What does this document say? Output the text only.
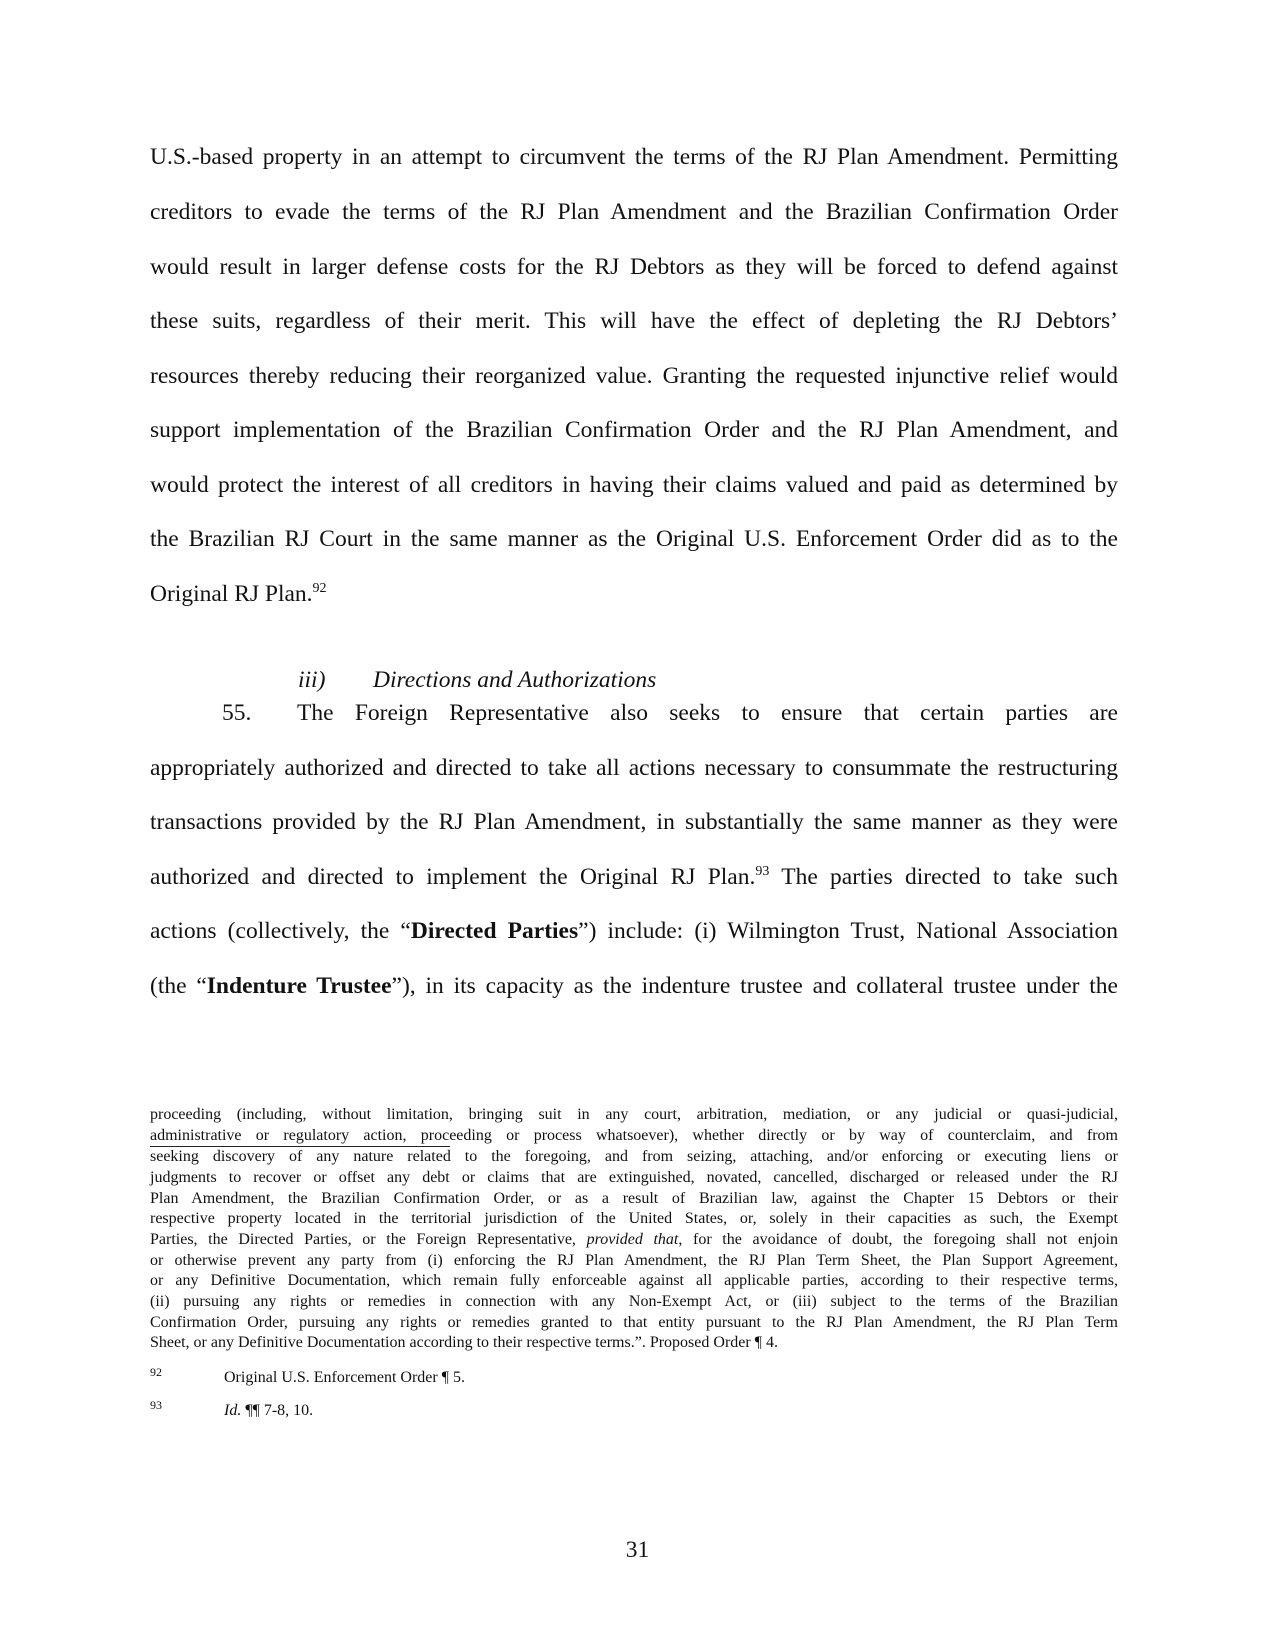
U.S.-based property in an attempt to circumvent the terms of the RJ Plan Amendment. Permitting
creditors to evade the terms of the RJ Plan Amendment and the Brazilian Confirmation Order
would result in larger defense costs for the RJ Debtors as they will be forced to defend against
these suits, regardless of their merit. This will have the effect of depleting the RJ Debtors’
resources thereby reducing their reorganized value. Granting the requested injunctive relief would
support implementation of the Brazilian Confirmation Order and the RJ Plan Amendment, and
would protect the interest of all creditors in having their claims valued and paid as determined by
the Brazilian RJ Court in the same manner as the Original U.S. Enforcement Order did as to the
Original RJ Plan.$^{92}$
iii) Directions and Authorizations
55. The Foreign Representative also seeks to ensure that certain parties are
appropriately authorized and directed to take all actions necessary to consummate the restructuring
transactions provided by the RJ Plan Amendment, in substantially the same manner as they were
authorized and directed to implement the Original RJ Plan.$^{93}$ The parties directed to take such
actions (collectively, the “Directed Parties”) include: (i) Wilmington Trust, National Association
(the “Indenture Trustee”), in its capacity as the indenture trustee and collateral trustee under the
proceeding (including, without limitation, bringing suit in any court, arbitration, mediation, or any judicial or quasi-judicial,
administrative or regulatory action, proceeding or process whatsoever), whether directly or by way of counterclaim, and from
seeking discovery of any nature related to the foregoing, and from seizing, attaching, and/or enforcing or executing liens or
judgments to recover or offset any debt or claims that are extinguished, novated, cancelled, discharged or released under the RJ
Plan Amendment, the Brazilian Confirmation Order, or as a result of Brazilian law, against the Chapter 15 Debtors or their
respective property located in the territorial jurisdiction of the United States, or, solely in their capacities as such, the Exempt
Parties, the Directed Parties, or the Foreign Representative, provided that, for the avoidance of doubt, the foregoing shall not enjoin
or otherwise prevent any party from (i) enforcing the RJ Plan Amendment, the RJ Plan Term Sheet, the Plan Support Agreement,
or any Definitive Documentation, which remain fully enforceable against all applicable parties, according to their respective terms,
(ii) pursuing any rights or remedies in connection with any Non-Exempt Act, or (iii) subject to the terms of the Brazilian
Confirmation Order, pursuing any rights or remedies granted to that entity pursuant to the RJ Plan Amendment, the RJ Plan Term
Sheet, or any Definitive Documentation according to their respective terms.”. Proposed Order ¶ 4.
92	Original U.S. Enforcement Order ¶ 5.
93	Id. ¶¶ 7-8, 10.
31
